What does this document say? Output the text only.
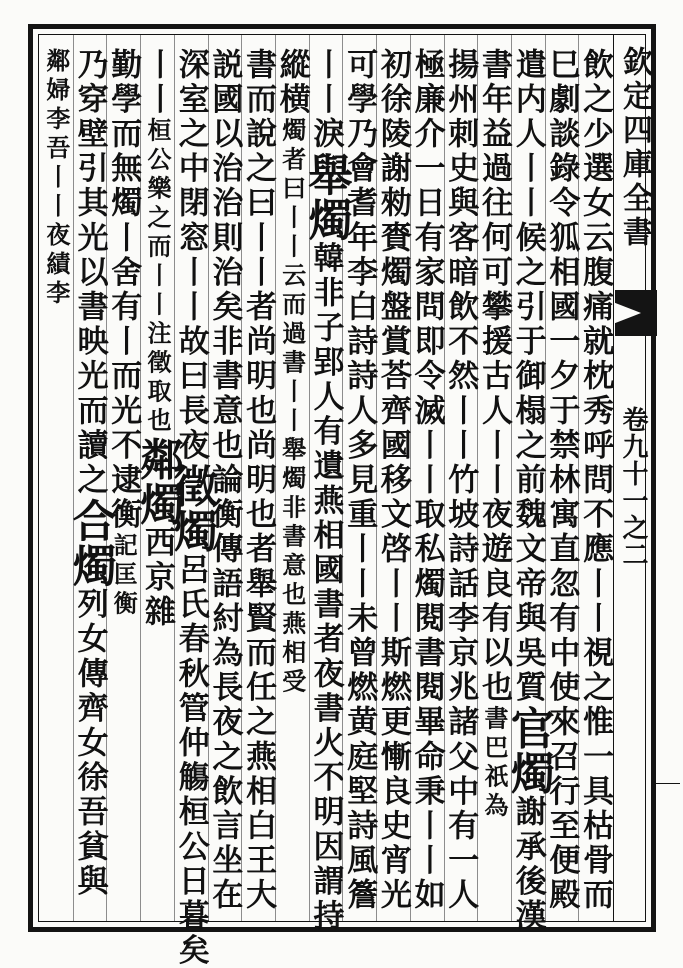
欽定四庫全書
卷九十一之二
飲之少選女云腹痛就枕秀呼問不應丨丨視之惟一具枯骨而
巳劇談錄令狐相國一夕于禁林寓直忽有中使來召行至便殿
遣内人丨丨候之引于御榻之前魏文帝與吳質官燭謝承後漢
書年益過往何可攀援古人丨丨夜遊良有以也書巴祇為
揚州刺史與客暗飲不然丨丨竹坡詩話李京兆諸父中有一人
極廉介一日有家問即令滅丨丨取私燭閱書閱畢命秉丨丨如
初徐陵謝勑賚燭盤賞荅齊國移文啓丨丨斯燃更慚良史宵光
可學乃會耆年李白詩詩人多見重丨丨未曾燃黄庭堅詩風簷
丨丨淚舉燭韓非子郢人有遺燕相國書者夜書火不明因謂持
縱横燭者曰丨丨云而過書丨丨舉燭非書意也燕相受
書而說之曰丨丨者尚明也尚明也者舉賢而任之燕相白王大
説國以治治則治矣非書意也論衡傳語紂為長夜之飲言坐在
深室之中閉窓丨丨故曰長夜徵燭呂氏春秋管仲觴桓公日暮矣
丨丨桓公樂之而丨丨注徵取也鄰燭西京雜
勤學而無燭丨舍有丨而光不逮衡記匡衡
乃穿壁引其光以書映光而讀之合燭列女傳齊女徐吾貧與
鄰婦李吾丨丨夜績李
